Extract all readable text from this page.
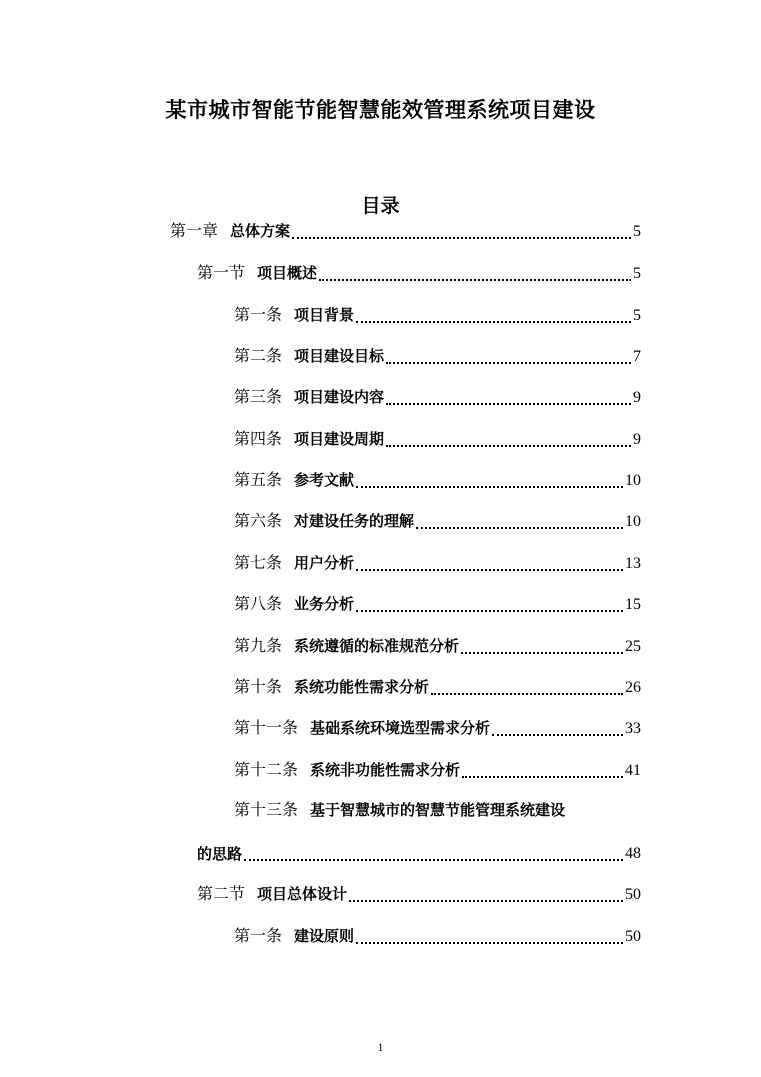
某市城市智能节能智慧能效管理系统项目建设
目录
第一章 总体方案	5
第一节 项目概述	5
第一条 项目背景	5
第二条 项目建设目标	7
第三条 项目建设内容	9
第四条 项目建设周期	9
第五条 参考文献	10
第六条 对建设任务的理解	10
第七条 用户分析	13
第八条 业务分析	15
第九条 系统遵循的标准规范分析	25
第十条 系统功能性需求分析	26
第十一条 基础系统环境选型需求分析	33
第十二条 系统非功能性需求分析	41
第十三条 基于智慧城市的智慧节能管理系统建设
的思路	48
第二节 项目总体设计	50
第一条 建设原则	50
1
